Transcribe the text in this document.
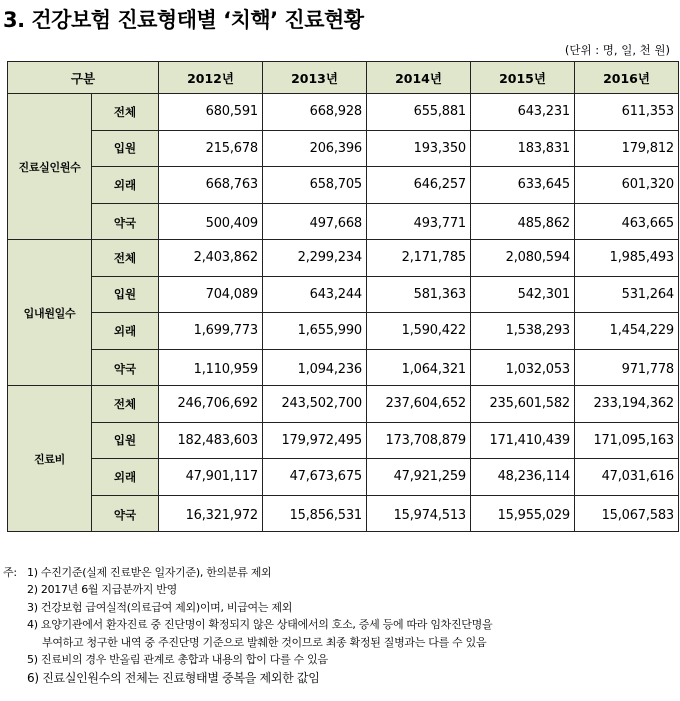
3. 건강보험 진료형태별 ‘치핵’ 진료현황
(단위 : 명, 일, 천 원)
구분		2012년	2013년	2014년	2015년	2016년
진료실인원수	전체	680,591	668,928	655,881	643,231	611,353
	입원	215,678	206,396	193,350	183,831	179,812
	외래	668,763	658,705	646,257	633,645	601,320
	약국	500,409	497,668	493,771	485,862	463,665
입내원일수	전체	2,403,862	2,299,234	2,171,785	2,080,594	1,985,493
	입원	704,089	643,244	581,363	542,301	531,264
	외래	1,699,773	1,655,990	1,590,422	1,538,293	1,454,229
	약국	1,110,959	1,094,236	1,064,321	1,032,053	971,778
진료비	전체	246,706,692	243,502,700	237,604,652	235,601,582	233,194,362
	입원	182,483,603	179,972,495	173,708,879	171,410,439	171,095,163
	외래	47,901,117	47,673,675	47,921,259	48,236,114	47,031,616
	약국	16,321,972	15,856,531	15,974,513	15,955,029	15,067,583
주: 1) 수진기준(실제 진료받은 일자기준), 한의분류 제외
2) 2017년 6월 지급분까지 반영
3) 건강보험 급여실적(의료급여 제외)이며, 비급여는 제외
4) 요양기관에서 환자진료 중 진단명이 확정되지 않은 상태에서의 호소, 증세 등에 따라 임차진단명을
부여하고 청구한 내역 중 주진단명 기준으로 발췌한 것이므로 최종 확정된 질병과는 다를 수 있음
5) 진료비의 경우 반올림 관계로 총합과 내용의 합이 다를 수 있음
6) 진료실인원수의 전체는 진료형태별 중복을 제외한 값임
